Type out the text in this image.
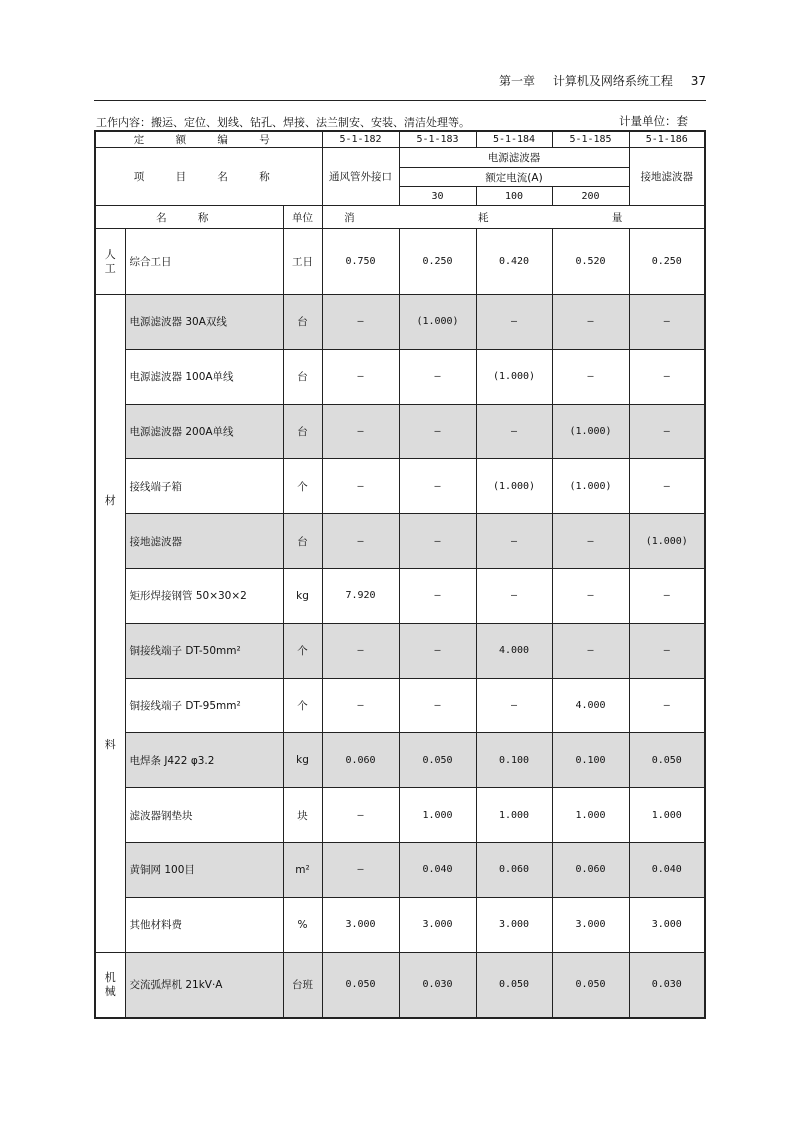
第一章 计算机及网络系统工程 37
工作内容：搬运、定位、划线、钻孔、焊接、法兰制安、安装、清洁处理等。	计量单位：套
定 额 编 号			5-1-182	5-1-183	5-1-184	5-1-185	5-1-186
项 目 名 称			通风管外接口	电源滤波器			接地滤波器
				额定电流(A)			
				30	100	200	
名 称		单位	消 耗 量				

人
工	综合工日	工日	0.750	0.250	0.420	0.520	0.250

材
料	电源滤波器 30A双线	台	—	(1.000)	—	—	—
	电源滤波器 100A单线	台	—	—	(1.000)	—	—
	电源滤波器 200A单线	台	—	—	—	(1.000)	—
	接线端子箱	个	—	—	(1.000)	(1.000)	—
	接地滤波器	台	—	—	—	—	(1.000)
	矩形焊接钢管 50×30×2	kg	7.920	—	—	—	—
	铜接线端子 DT-50mm²	个	—	—	4.000	—	—
	铜接线端子 DT-95mm²	个	—	—	—	4.000	—
	电焊条 J422 φ3.2	kg	0.060	0.050	0.100	0.100	0.050
	滤波器钢垫块	块	—	1.000	1.000	1.000	1.000
	黄铜网 100目	m²	—	0.040	0.060	0.060	0.040
	其他材料费	%	3.000	3.000	3.000	3.000	3.000

机
械	交流弧焊机 21kV·A	台班	0.050	0.030	0.050	0.050	0.030
